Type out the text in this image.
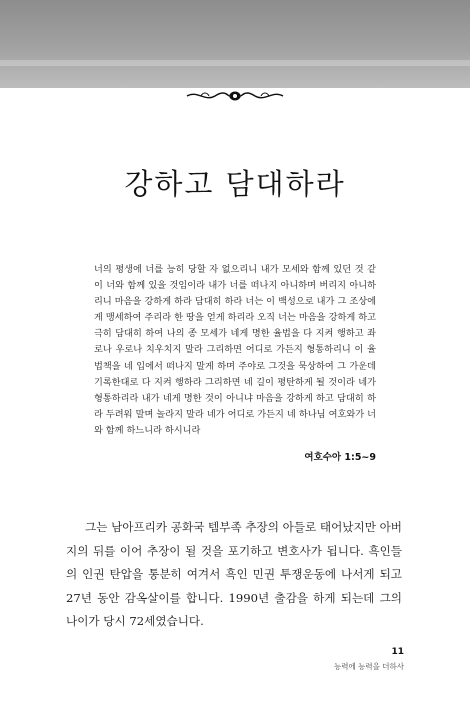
강하고 담대하라

너의 평생에 너를 능히 당할 자 없으리니 내가 모세와 함께 있던 것 같이 너와 함께 있을 것임이라 내가 너를 떠나지 아니하며 버리지 아니하리니 마음을 강하게 하라 담대히 하라 너는 이 백성으로 내가 그 조상에게 맹세하여 주리라 한 땅을 얻게 하리라 오직 너는 마음을 강하게 하고 극히 담대히 하여 나의 종 모세가 네게 명한 율법을 다 지켜 행하고 좌로나 우로나 치우치지 말라 그리하면 어디로 가든지 형통하리니 이 율법책을 네 입에서 떠나지 말게 하며 주야로 그것을 묵상하여 그 가운데 기록한대로 다 지켜 행하라 그리하면 네 길이 평탄하게 될 것이라 네가 형통하리라 내가 네게 명한 것이 아니냐 마음을 강하게 하고 담대히 하라 두려워 말며 놀라지 말라 네가 어디로 가든지 네 하나님 여호와가 너와 함께 하느니라 하시니라

여호수아 1:5~9

그는 남아프리카 공화국 템부족 추장의 아들로 태어났지만 아버지의 뒤를 이어 추장이 될 것을 포기하고 변호사가 됩니다. 흑인들의 인권 탄압을 통분히 여겨서 흑인 민권 투쟁운동에 나서게 되고 27년 동안 감옥살이를 합니다. 1990년 출감을 하게 되는데 그의 나이가 당시 72세였습니다.

11
능력에 능력을 더하사
